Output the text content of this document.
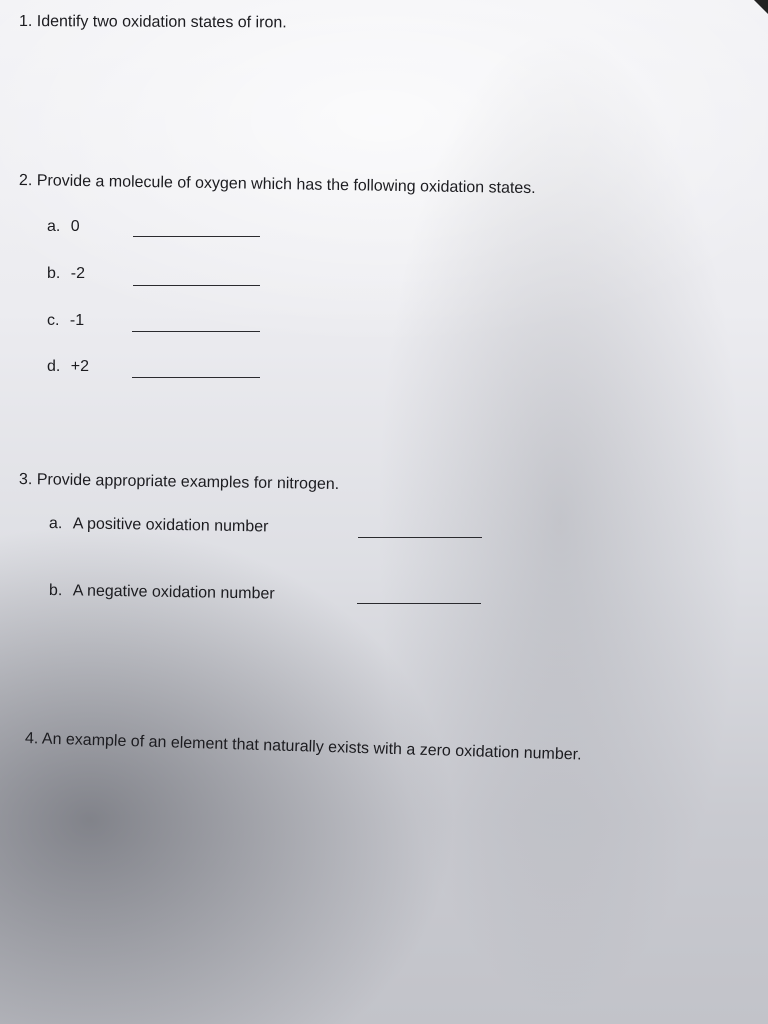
1. Identify two oxidation states of iron.
2. Provide a molecule of oxygen which has the following oxidation states.
a. 0
b. -2
c. -1
d. +2
3. Provide appropriate examples for nitrogen.
a. A positive oxidation number
b. A negative oxidation number
4. An example of an element that naturally exists with a zero oxidation number.
